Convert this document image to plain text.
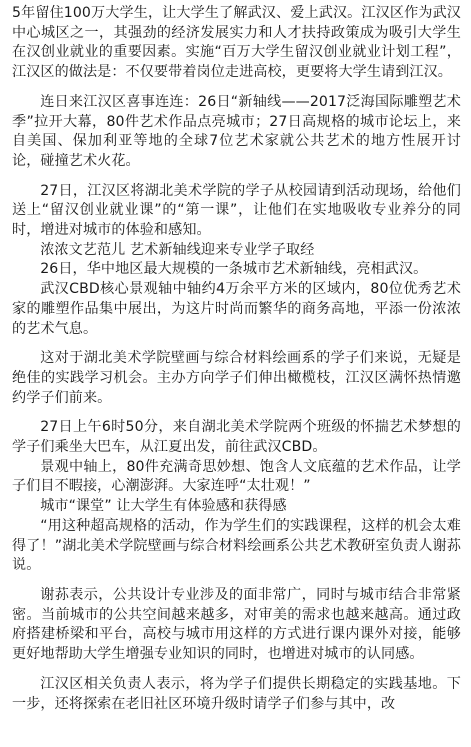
5年留住100万大学生，让大学生了解武汉、爱上武汉。江汉区作为武汉中心城区之一，其强劲的经济发展实力和人才扶持政策成为吸引大学生在汉创业就业的重要因素。实施“百万大学生留汉创业就业计划工程”，江汉区的做法是：不仅要带着岗位走进高校，更要将大学生请到江汉。

连日来江汉区喜事连连：26日“新轴线——2017泛海国际雕塑艺术季”拉开大幕，80件艺术作品点亮城市；27日高规格的城市论坛上，来自美国、保加利亚等地的全球7位艺术家就公共艺术的地方性展开讨论，碰撞艺术火花。

27日，江汉区将湖北美术学院的学子从校园请到活动现场，给他们送上“留汉创业就业课”的“第一课”，让他们在实地吸收专业养分的同时，增进对城市的体验和感知。

浓浓文艺范儿 艺术新轴线迎来专业学子取经

26日，华中地区最大规模的一条城市艺术新轴线，亮相武汉。

武汉CBD核心景观轴中轴约4万余平方米的区域内，80位优秀艺术家的雕塑作品集中展出，为这片时尚而繁华的商务高地，平添一份浓浓的艺术气息。

这对于湖北美术学院壁画与综合材料绘画系的学子们来说，无疑是绝佳的实践学习机会。主办方向学子们伸出橄榄枝，江汉区满怀热情邀约学子们前来。

27日上午6时50分，来自湖北美术学院两个班级的怀揣艺术梦想的学子们乘坐大巴车，从江夏出发，前往武汉CBD。

景观中轴上，80件充满奇思妙想、饱含人文底蕴的艺术作品，让学子们目不暇接，心潮澎湃。大家连呼“太壮观！”

城市“课堂” 让大学生有体验感和获得感

“用这种超高规格的活动，作为学生们的实践课程，这样的机会太难得了！”湖北美术学院壁画与综合材料绘画系公共艺术教研室负责人谢荪说。

谢荪表示，公共设计专业涉及的面非常广，同时与城市结合非常紧密。当前城市的公共空间越来越多，对审美的需求也越来越高。通过政府搭建桥梁和平台，高校与城市用这样的方式进行课内课外对接，能够更好地帮助大学生增强专业知识的同时，也增进对城市的认同感。

江汉区相关负责人表示，将为学子们提供长期稳定的实践基地。下一步，还将探索在老旧社区环境升级时请学子们参与其中，改
